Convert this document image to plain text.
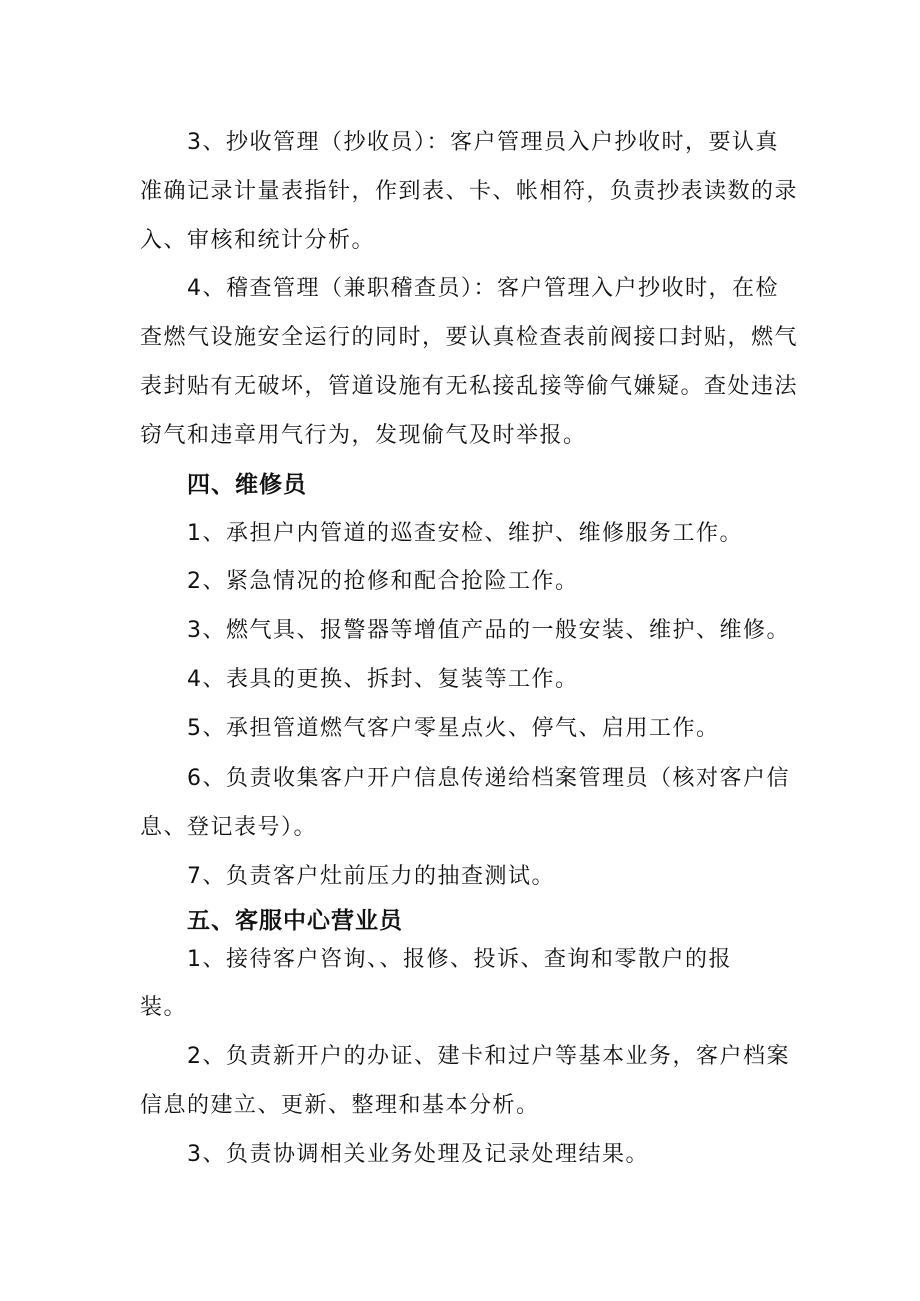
3、抄收管理（抄收员）：客户管理员入户抄收时，要认真
准确记录计量表指针，作到表、卡、帐相符，负责抄表读数的录
入、审核和统计分析。
4、稽查管理（兼职稽查员）：客户管理入户抄收时，在检
查燃气设施安全运行的同时，要认真检查表前阀接口封贴，燃气
表封贴有无破坏，管道设施有无私接乱接等偷气嫌疑。查处违法
窃气和违章用气行为，发现偷气及时举报。
四、维修员
1、承担户内管道的巡查安检、维护、维修服务工作。
2、紧急情况的抢修和配合抢险工作。
3、燃气具、报警器等增值产品的一般安装、维护、维修。
4、表具的更换、拆封、复装等工作。
5、承担管道燃气客户零星点火、停气、启用工作。
6、负责收集客户开户信息传递给档案管理员（核对客户信
息、登记表号）。
7、负责客户灶前压力的抽查测试。
五、客服中心营业员
1、接待客户咨询、、报修、投诉、查询和零散户的报
装。
2、负责新开户的办证、建卡和过户等基本业务，客户档案
信息的建立、更新、整理和基本分析。
3、负责协调相关业务处理及记录处理结果。
